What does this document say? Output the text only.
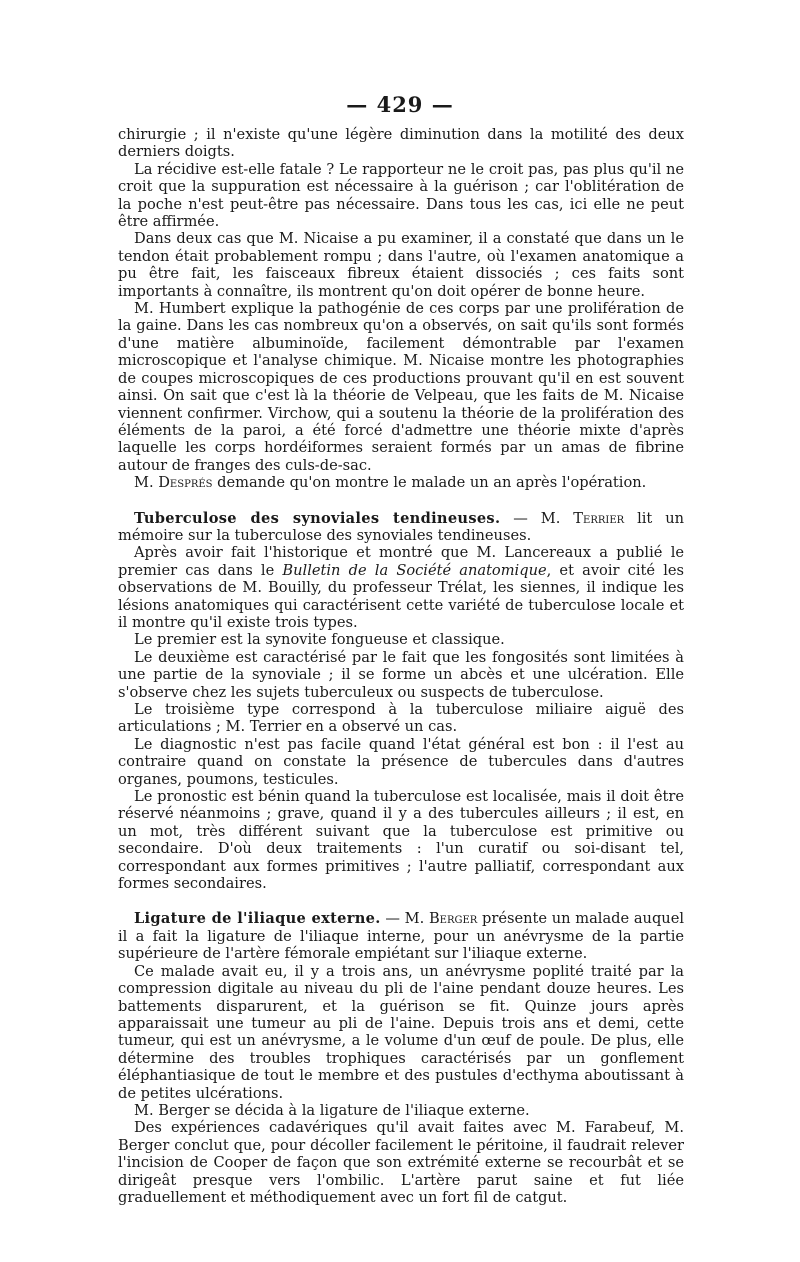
— 429 —

chirurgie ; il n'existe qu'une légère diminution dans la motilité des deux derniers doigts.

La récidive est-elle fatale ? Le rapporteur ne le croit pas, pas plus qu'il ne croit que la suppuration est nécessaire à la guérison ; car l'oblitération de la poche n'est peut-être pas nécessaire. Dans tous les cas, ici elle ne peut être affirmée.

Dans deux cas que M. Nicaise a pu examiner, il a constaté que dans un le tendon était probablement rompu ; dans l'autre, où l'examen anatomique a pu être fait, les faisceaux fibreux étaient dissociés ; ces faits sont importants à connaître, ils montrent qu'on doit opérer de bonne heure.

M. Humbert explique la pathogénie de ces corps par une prolifération de la gaine. Dans les cas nombreux qu'on a observés, on sait qu'ils sont formés d'une matière albuminoïde, facilement démontrable par l'examen microscopique et l'analyse chimique. M. Nicaise montre les photographies de coupes microscopiques de ces productions prouvant qu'il en est souvent ainsi. On sait que c'est là la théorie de Velpeau, que les faits de M. Nicaise viennent confirmer. Virchow, qui a soutenu la théorie de la prolifération des éléments de la paroi, a été forcé d'admettre une théorie mixte d'après laquelle les corps hordéiformes seraient formés par un amas de fibrine autour de franges des culs-de-sac.

M. Després demande qu'on montre le malade un an après l'opération.

Tuberculose des synoviales tendineuses. — M. Terrier lit un mémoire sur la tuberculose des synoviales tendineuses.

Après avoir fait l'historique et montré que M. Lancereaux a publié le premier cas dans le Bulletin de la Société anatomique, et avoir cité les observations de M. Bouilly, du professeur Trélat, les siennes, il indique les lésions anatomiques qui caractérisent cette variété de tuberculose locale et il montre qu'il existe trois types.

Le premier est la synovite fongueuse et classique.

Le deuxième est caractérisé par le fait que les fongosités sont limitées à une partie de la synoviale ; il se forme un abcès et une ulcération. Elle s'observe chez les sujets tuberculeux ou suspects de tuberculose.

Le troisième type correspond à la tuberculose miliaire aiguë des articulations ; M. Terrier en a observé un cas.

Le diagnostic n'est pas facile quand l'état général est bon : il l'est au contraire quand on constate la présence de tubercules dans d'autres organes, poumons, testicules.

Le pronostic est bénin quand la tuberculose est localisée, mais il doit être réservé néanmoins ; grave, quand il y a des tubercules ailleurs ; il est, en un mot, très différent suivant que la tuberculose est primitive ou secondaire. D'où deux traitements : l'un curatif ou soi-disant tel, correspondant aux formes primitives ; l'autre palliatif, correspondant aux formes secondaires.

Ligature de l'iliaque externe. — M. Berger présente un malade auquel il a fait la ligature de l'iliaque interne, pour un anévrysme de la partie supérieure de l'artère fémorale empiétant sur l'iliaque externe.

Ce malade avait eu, il y a trois ans, un anévrysme poplité traité par la compression digitale au niveau du pli de l'aine pendant douze heures. Les battements disparurent, et la guérison se fit. Quinze jours après apparaissait une tumeur au pli de l'aine. Depuis trois ans et demi, cette tumeur, qui est un anévrysme, a le volume d'un œuf de poule. De plus, elle détermine des troubles trophiques caractérisés par un gonflement éléphantiasique de tout le membre et des pustules d'ecthyma aboutissant à de petites ulcérations.

M. Berger se décida à la ligature de l'iliaque externe.

Des expériences cadavériques qu'il avait faites avec M. Farabeuf, M. Berger conclut que, pour décoller facilement le péritoine, il faudrait relever l'incision de Cooper de façon que son extrémité externe se recourbât et se dirigeât presque vers l'ombilic. L'artère parut saine et fut liée graduellement et méthodiquement avec un fort fil de catgut.
